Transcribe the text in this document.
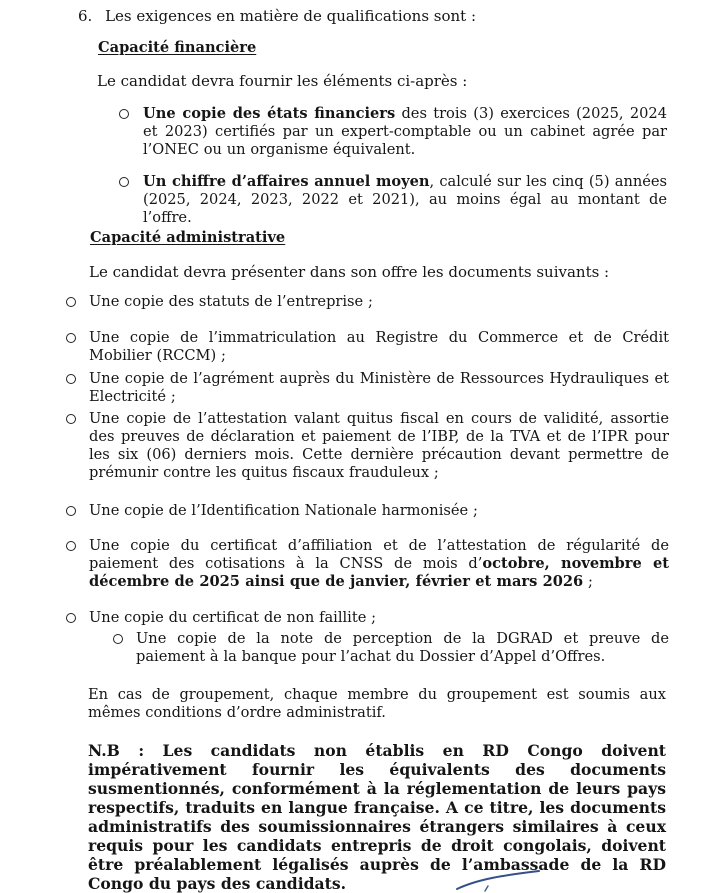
6. Les exigences en matière de qualifications sont :
Capacité financière
Le candidat devra fournir les éléments ci-après :
Une copie des états financiers des trois (3) exercices (2025, 2024 et 2023) certifiés par un expert-comptable ou un cabinet agrée par l’ONEC ou un organisme équivalent.
Un chiffre d’affaires annuel moyen, calculé sur les cinq (5) années (2025, 2024, 2023, 2022 et 2021), au moins égal au montant de l’offre.
Capacité administrative
Le candidat devra présenter dans son offre les documents suivants :
Une copie des statuts de l’entreprise ;
Une copie de l’immatriculation au Registre du Commerce et de Crédit Mobilier (RCCM) ;
Une copie de l’agrément auprès du Ministère de Ressources Hydrauliques et Electricité ;
Une copie de l’attestation valant quitus fiscal en cours de validité, assortie des preuves de déclaration et paiement de l’IBP, de la TVA et de l’IPR pour les six (06) derniers mois. Cette dernière précaution devant permettre de prémunir contre les quitus fiscaux frauduleux ;
Une copie de l’Identification Nationale harmonisée ;
Une copie du certificat d’affiliation et de l’attestation de régularité de paiement des cotisations à la CNSS de mois d’octobre, novembre et décembre de 2025 ainsi que de janvier, février et mars 2026 ;
Une copie du certificat de non faillite ;
Une copie de la note de perception de la DGRAD et preuve de paiement à la banque pour l’achat du Dossier d’Appel d’Offres.
En cas de groupement, chaque membre du groupement est soumis aux mêmes conditions d’ordre administratif.
N.B : Les candidats non établis en RD Congo doivent impérativement fournir les équivalents des documents susmentionnés, conformément à la réglementation de leurs pays respectifs, traduits en langue française. A ce titre, les documents administratifs des soumissionnaires étrangers similaires à ceux requis pour les candidats entrepris de droit congolais, doivent être préalablement légalisés auprès de l’ambassade de la RD Congo du pays des candidats.
